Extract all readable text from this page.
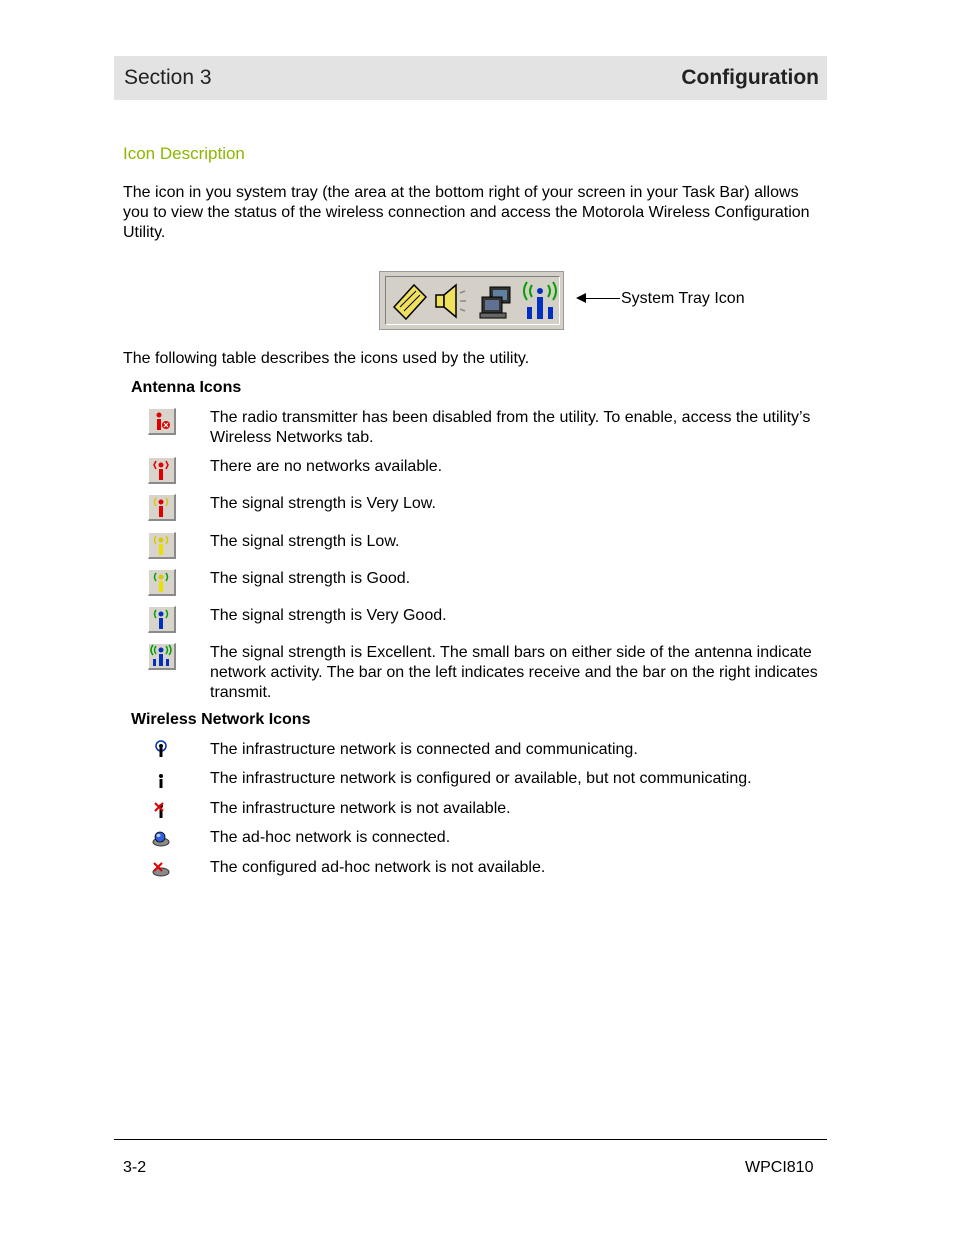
Section 3	Configuration
Icon Description
The icon in you system tray (the area at the bottom right of your screen in your Task Bar) allows you to view the status of the wireless connection and access the Motorola Wireless Configuration Utility.
System Tray Icon
The following table describes the icons used by the utility.
Antenna Icons
The radio transmitter has been disabled from the utility. To enable, access the utility’s Wireless Networks tab.
There are no networks available.
The signal strength is Very Low.
The signal strength is Low.
The signal strength is Good.
The signal strength is Very Good.
The signal strength is Excellent. The small bars on either side of the antenna indicate network activity. The bar on the left indicates receive and the bar on the right indicates transmit.
Wireless Network Icons
The infrastructure network is connected and communicating.
The infrastructure network is configured or available, but not communicating.
The infrastructure network is not available.
The ad-hoc network is connected.
The configured ad-hoc network is not available.
3-2	WPCI810
